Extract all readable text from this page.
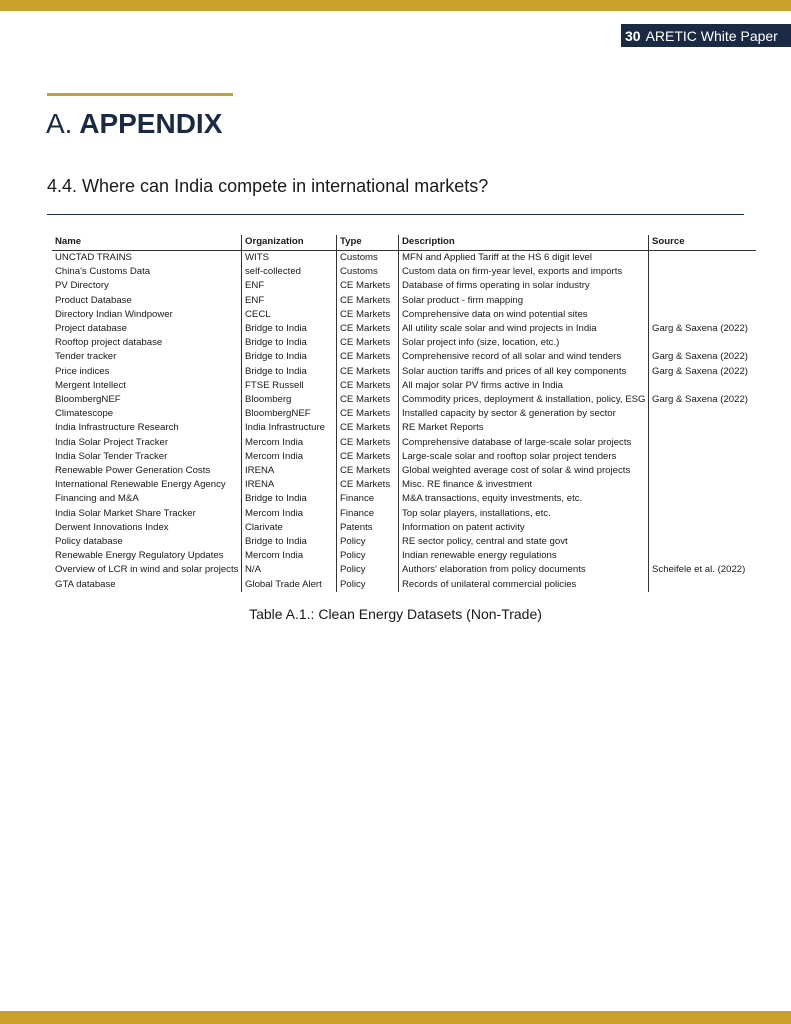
30 ARETIC White Paper
A. APPENDIX
4.4. Where can India compete in international markets?
Name	Organization	Type	Description	Source
UNCTAD TRAINS	WITS	Customs	MFN and Applied Tariff at the HS 6 digit level	
China's Customs Data	self-collected	Customs	Custom data on firm-year level, exports and imports	
PV Directory	ENF	CE Markets	Database of firms operating in solar industry	
Product Database	ENF	CE Markets	Solar product - firm mapping	
Directory Indian Windpower	CECL	CE Markets	Comprehensive data on wind potential sites	
Project database	Bridge to India	CE Markets	All utility scale solar and wind projects in India	Garg & Saxena (2022)
Rooftop project database	Bridge to India	CE Markets	Solar project info (size, location, etc.)	
Tender tracker	Bridge to India	CE Markets	Comprehensive record of all solar and wind tenders	Garg & Saxena (2022)
Price indices	Bridge to India	CE Markets	Solar auction tariffs and prices of all key components	Garg & Saxena (2022)
Mergent Intellect	FTSE Russell	CE Markets	All major solar PV firms active in India	
BloombergNEF	Bloomberg	CE Markets	Commodity prices, deployment & installation, policy, ESG	Garg & Saxena (2022)
Climatescope	BloombergNEF	CE Markets	Installed capacity by sector & generation by sector	
India Infrastructure Research	India Infrastructure	CE Markets	RE Market Reports	
India Solar Project Tracker	Mercom India	CE Markets	Comprehensive database of large-scale solar projects	
India Solar Tender Tracker	Mercom India	CE Markets	Large-scale solar and rooftop solar project tenders	
Renewable Power Generation Costs	IRENA	CE Markets	Global weighted average cost of solar & wind projects	
International Renewable Energy Agency	IRENA	CE Markets	Misc. RE finance & investment	
Financing and M&A	Bridge to India	Finance	M&A transactions, equity investments, etc.	
India Solar Market Share Tracker	Mercom India	Finance	Top solar players, installations, etc.	
Derwent Innovations Index	Clarivate	Patents	Information on patent activity	
Policy database	Bridge to India	Policy	RE sector policy, central and state govt	
Renewable Energy Regulatory Updates	Mercom India	Policy	Indian renewable energy regulations	
Overview of LCR in wind and solar projects	N/A	Policy	Authors' elaboration from policy documents	Scheifele et al. (2022)
GTA database	Global Trade Alert	Policy	Records of unilateral commercial policies	
Table A.1.: Clean Energy Datasets (Non-Trade)
